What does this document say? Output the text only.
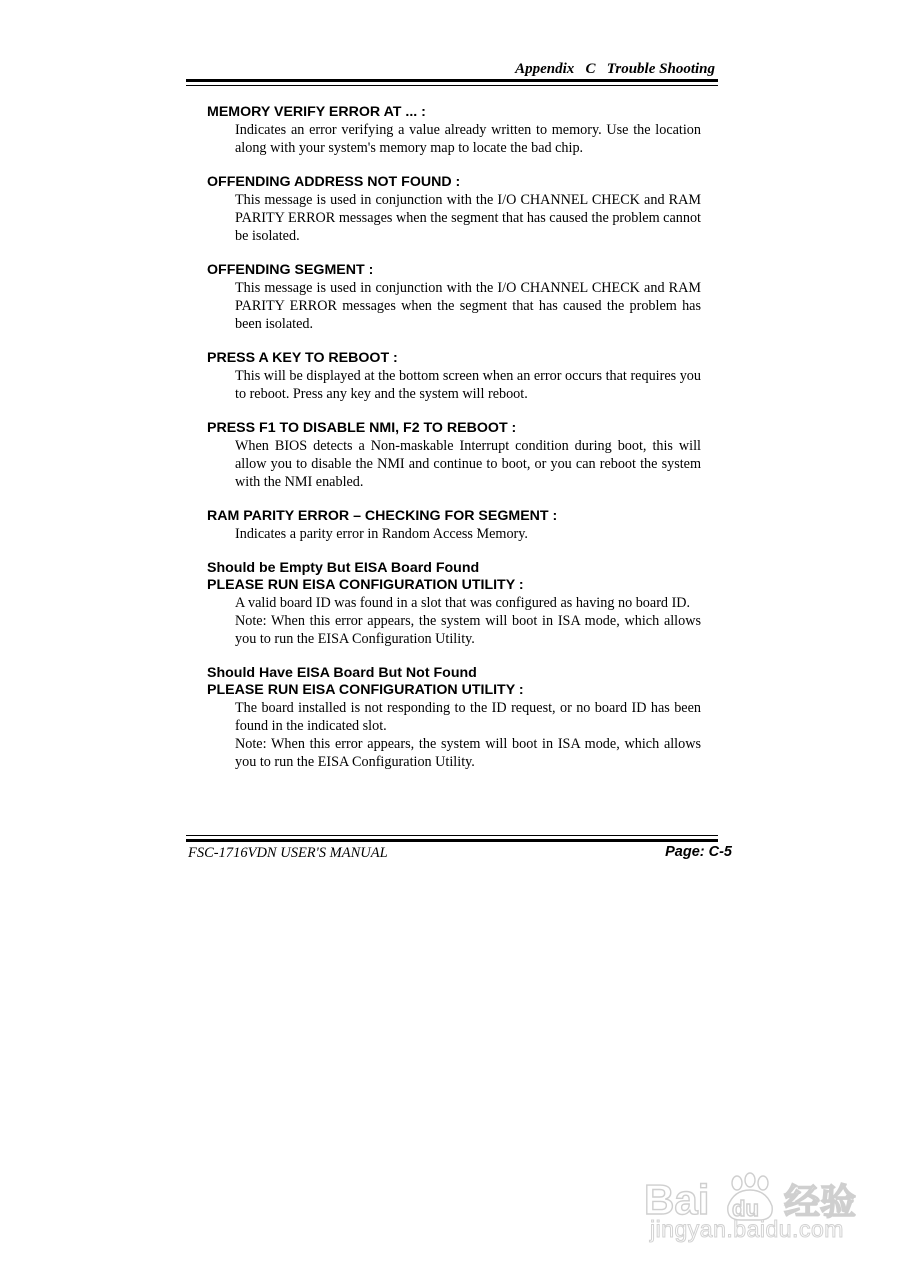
Appendix   C   Trouble Shooting
MEMORY VERIFY ERROR AT ... :
Indicates an error verifying a value already written to memory. Use the location along with your system's memory map to locate the bad chip.
OFFENDING ADDRESS NOT FOUND :
This message is used in conjunction with the I/O CHANNEL CHECK and RAM PARITY ERROR messages when the segment that has caused the problem cannot be isolated.
OFFENDING SEGMENT :
This message is used in conjunction with the I/O CHANNEL CHECK and RAM PARITY ERROR messages when the segment that has caused the problem has been isolated.
PRESS A KEY TO REBOOT :
This will be displayed at the bottom screen when an error occurs that requires you to reboot. Press any key and the system will reboot.
PRESS F1 TO DISABLE NMI, F2 TO REBOOT :
When BIOS detects a Non-maskable Interrupt condition during boot, this will allow you to disable the NMI and continue to boot, or you can reboot the system with the NMI enabled.
RAM PARITY ERROR – CHECKING FOR SEGMENT :
Indicates a parity error in Random Access Memory.
Should be Empty But EISA Board Found
PLEASE RUN EISA CONFIGURATION UTILITY :
A valid board ID was found in a slot that was configured as having no board ID.
Note: When this error appears, the system will boot in ISA mode, which allows you to run the EISA Configuration Utility.
Should Have EISA Board But Not Found
PLEASE RUN EISA CONFIGURATION UTILITY :
The board installed is not responding to the ID request, or no board ID has been found in the indicated slot.
Note: When this error appears, the system will boot in ISA mode, which allows you to run the EISA Configuration Utility.
FSC-1716VDN USER'S MANUAL	Page: C-5
Bai du 经验
jingyan.baidu.com
